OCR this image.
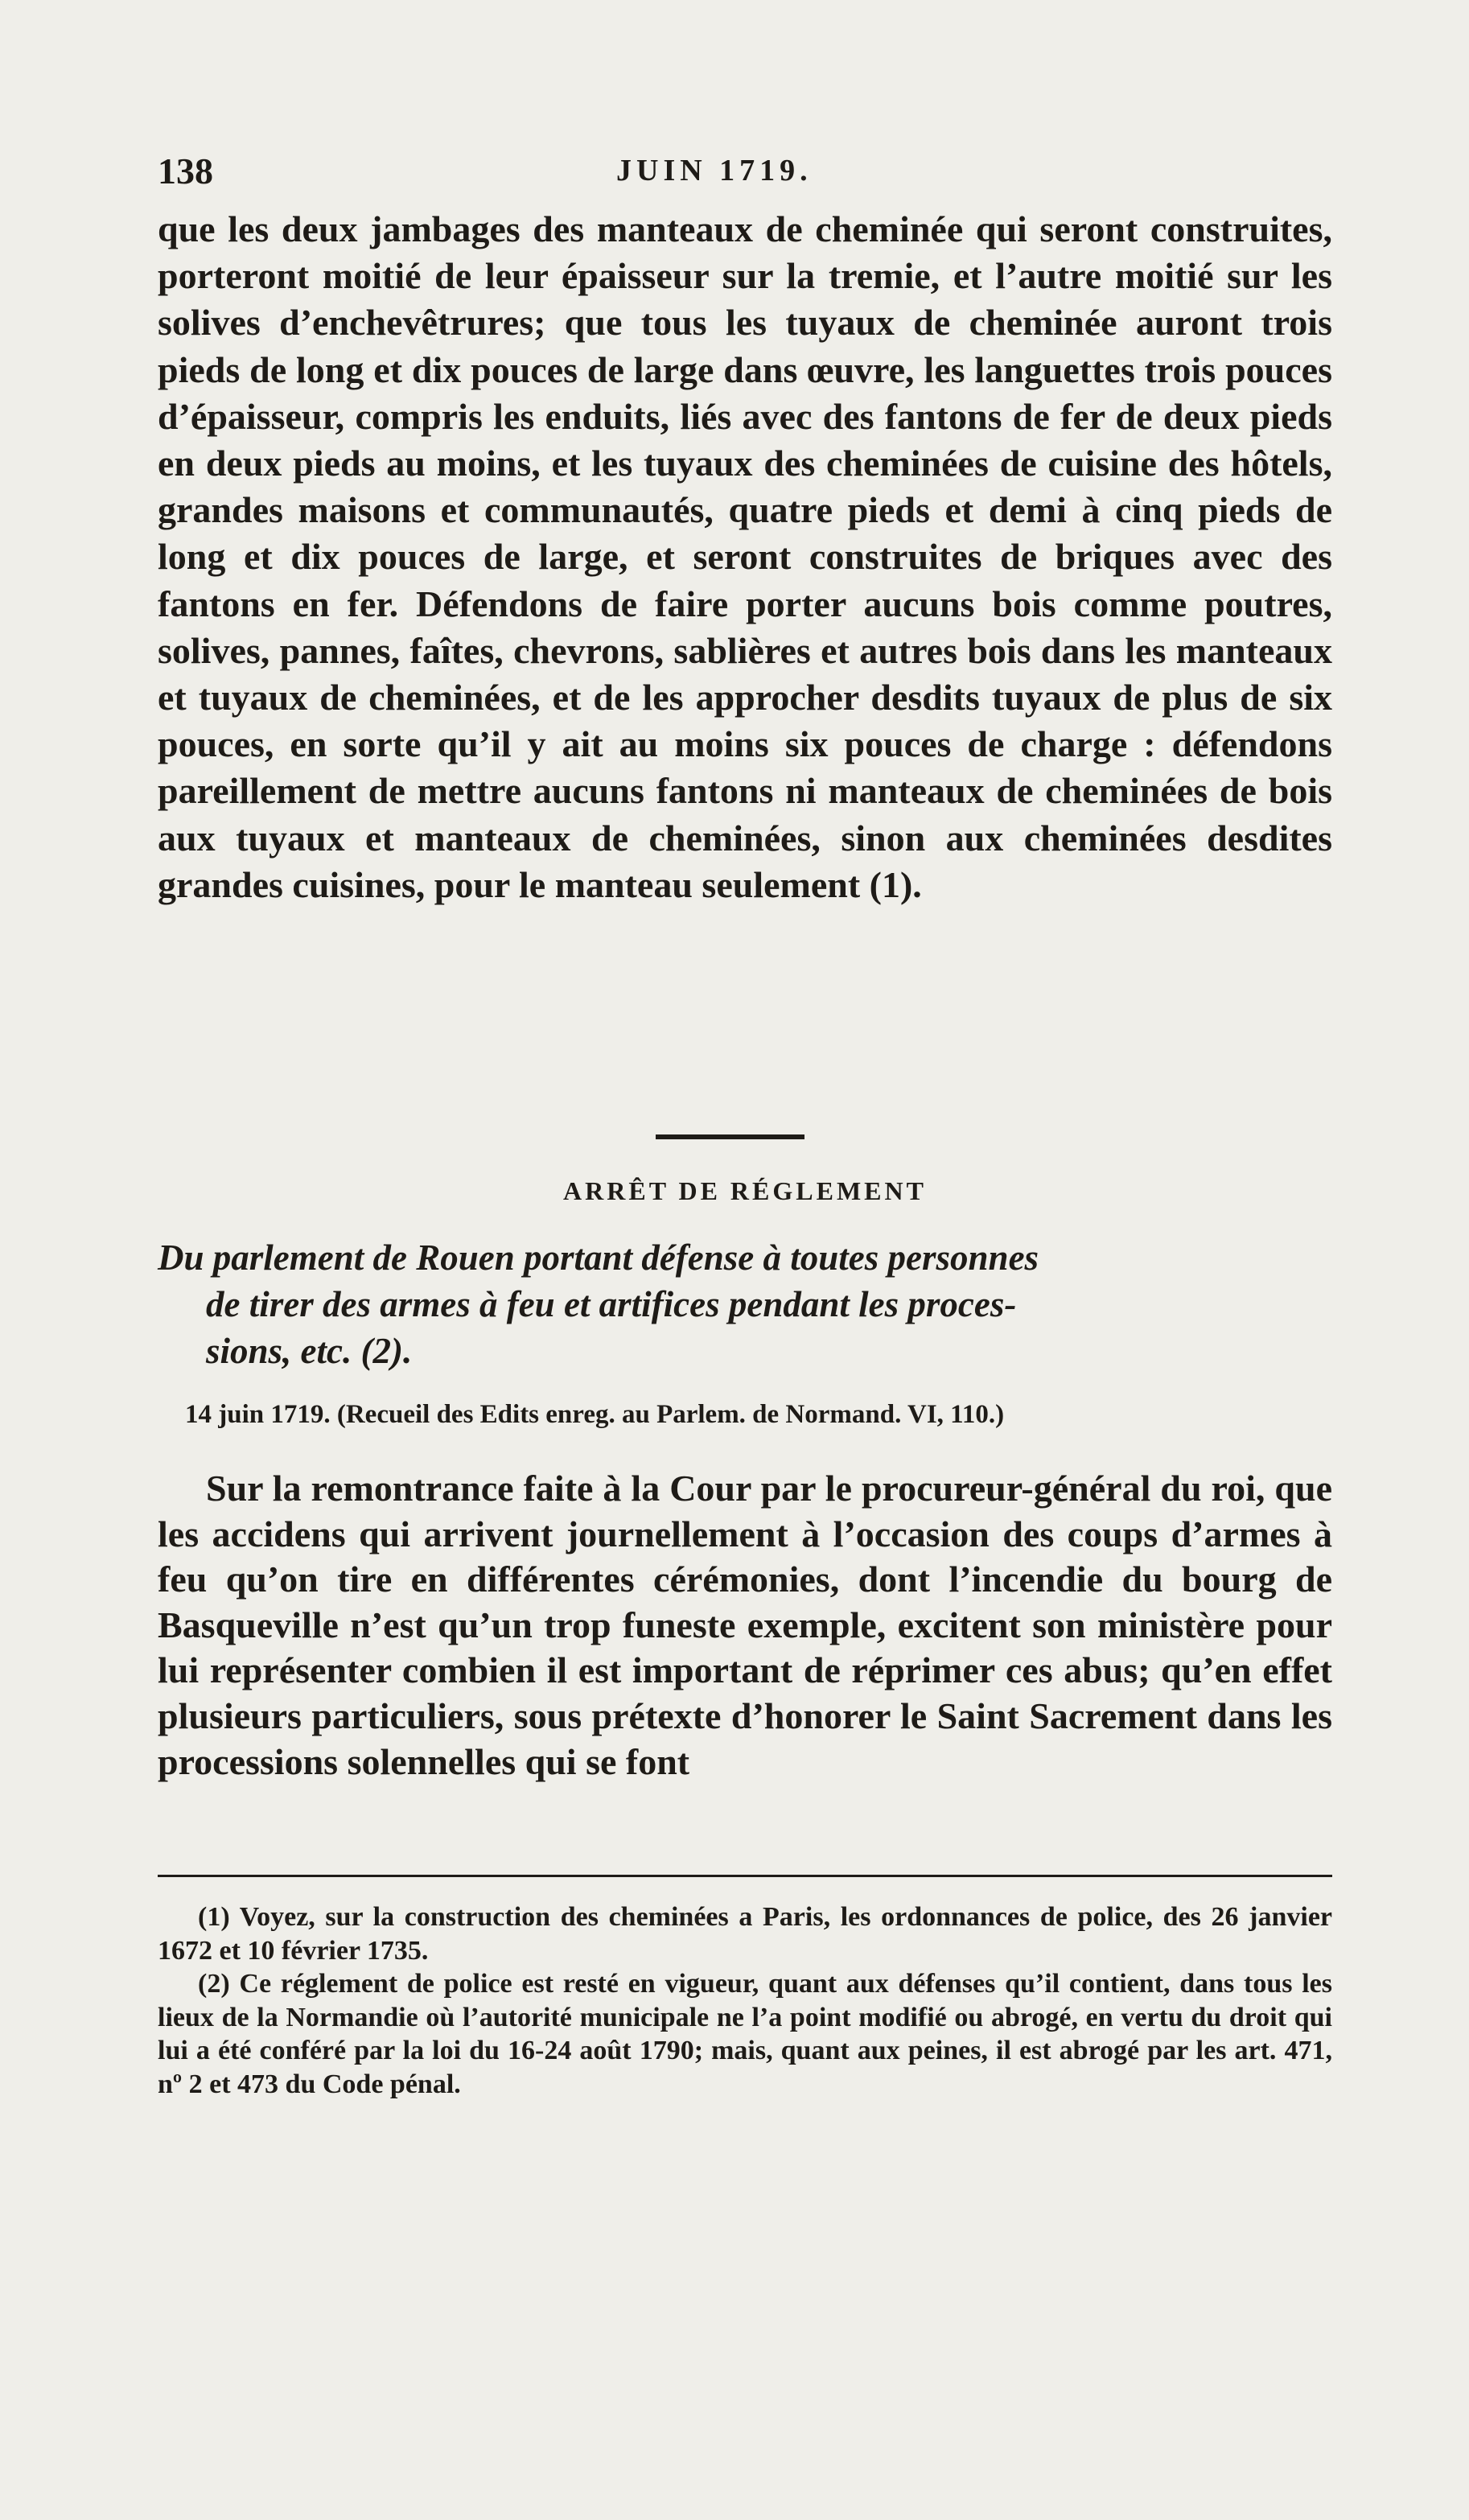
138	JUIN 1719.

que les deux jambages des manteaux de cheminée qui seront construites, porteront moitié de leur épaisseur sur la tremie, et l’autre moitié sur les solives d’enchevêtrures; que tous les tuyaux de cheminée auront trois pieds de long et dix pouces de large dans œuvre, les languettes trois pouces d’épaisseur, compris les enduits, liés avec des fantons de fer de deux pieds en deux pieds au moins, et les tuyaux des cheminées de cuisine des hôtels, grandes maisons et communautés, quatre pieds et demi à cinq pieds de long et dix pouces de large, et seront construites de briques avec des fantons en fer. Défendons de faire porter aucuns bois comme poutres, solives, pannes, faîtes, chevrons, sablières et autres bois dans les manteaux et tuyaux de cheminées, et de les approcher desdits tuyaux de plus de six pouces, en sorte qu’il y ait au moins six pouces de charge : défendons pareillement de mettre aucuns fantons ni manteaux de cheminées de bois aux tuyaux et manteaux de cheminées, sinon aux cheminées desdites grandes cuisines, pour le manteau seulement (1).

ARRÊT DE RÉGLEMENT

Du parlement de Rouen portant défense à toutes personnes
de tirer des armes à feu et artifices pendant les proces-
sions, etc. (2).

14 juin 1719. (Recueil des Edits enreg. au Parlem. de Normand. VI, 110.)

Sur la remontrance faite à la Cour par le procureur-général du roi, que les accidens qui arrivent journellement à l’occasion des coups d’armes à feu qu’on tire en différentes cérémonies, dont l’incendie du bourg de Basqueville n’est qu’un trop funeste exemple, excitent son ministère pour lui représenter combien il est important de réprimer ces abus; qu’en effet plusieurs particuliers, sous prétexte d’honorer le Saint Sacrement dans les processions solennelles qui se font

(1) Voyez, sur la construction des cheminées a Paris, les ordonnances de police, des 26 janvier 1672 et 10 février 1735.

(2) Ce réglement de police est resté en vigueur, quant aux défenses qu’il contient, dans tous les lieux de la Normandie où l’autorité municipale ne l’a point modifié ou abrogé, en vertu du droit qui lui a été conféré par la loi du 16-24 août 1790; mais, quant aux peines, il est abrogé par les art. 471, nº 2 et 473 du Code pénal.
